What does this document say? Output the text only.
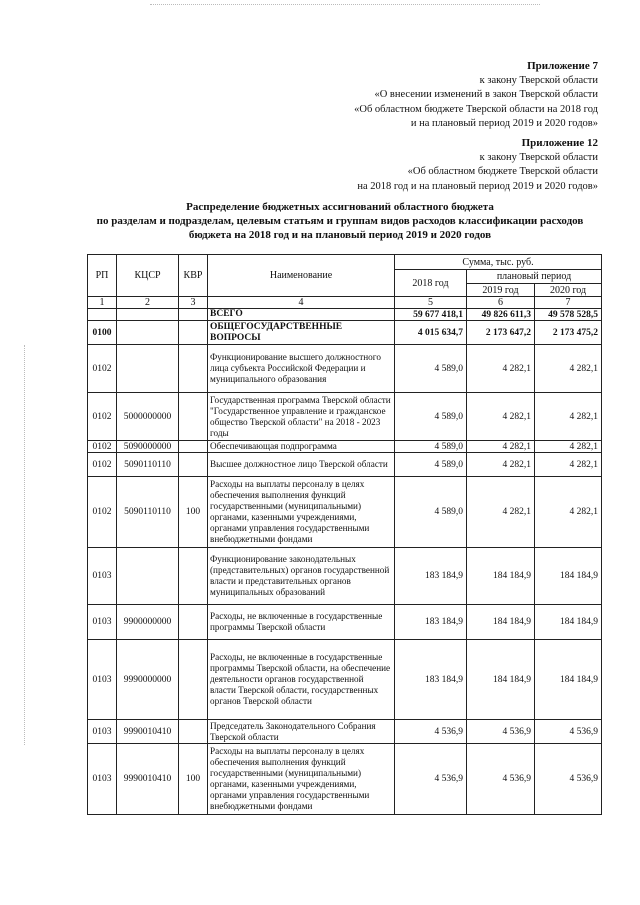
Приложение 7
к закону Тверской области
«О внесении изменений в закон Тверской области
«Об областном бюджете Тверской области на 2018 год
и на плановый период 2019 и 2020 годов»
Приложение 12
к закону Тверской области
«Об областном бюджете Тверской области
на 2018 год и на плановый период 2019 и 2020 годов»
Распределение бюджетных ассигнований областного бюджета
по разделам и подразделам, целевым статьям и группам видов расходов классификации расходов
бюджета на 2018 год и на плановый период 2019 и 2020 годов
РП	КЦСР	КВР	Наименование	Сумма, тыс. руб.		
				2018 год	плановый период	
					2019 год	2020 год
1	2	3	4	5	6	7
			ВСЕГО	59 677 418,1	49 826 611,3	49 578 528,5
0100			ОБЩЕГОСУДАРСТВЕННЫЕ ВОПРОСЫ	4 015 634,7	2 173 647,2	2 173 475,2
0102			Функционирование высшего должностного лица субъекта Российской Федерации и муниципального образования	4 589,0	4 282,1	4 282,1
0102	5000000000		Государственная программа Тверской области "Государственное управление и гражданское общество Тверской области" на 2018 - 2023 годы	4 589,0	4 282,1	4 282,1
0102	5090000000		Обеспечивающая подпрограмма	4 589,0	4 282,1	4 282,1
0102	5090110110		Высшее должностное лицо Тверской области	4 589,0	4 282,1	4 282,1
0102	5090110110	100	Расходы на выплаты персоналу в целях обеспечения выполнения функций государственными (муниципальными) органами, казенными учреждениями, органами управления государственными внебюджетными фондами	4 589,0	4 282,1	4 282,1
0103			Функционирование законодательных (представительных) органов государственной власти и представительных органов муниципальных образований	183 184,9	184 184,9	184 184,9
0103	9900000000		Расходы, не включенные в государственные программы Тверской области	183 184,9	184 184,9	184 184,9
0103	9990000000		Расходы, не включенные в государственные программы Тверской области, на обеспечение деятельности органов государственной власти Тверской области, государственных органов Тверской области	183 184,9	184 184,9	184 184,9
0103	9990010410		Председатель Законодательного Собрания Тверской области	4 536,9	4 536,9	4 536,9
0103	9990010410	100	Расходы на выплаты персоналу в целях обеспечения выполнения функций государственными (муниципальными) органами, казенными учреждениями, органами управления государственными внебюджетными фондами	4 536,9	4 536,9	4 536,9
